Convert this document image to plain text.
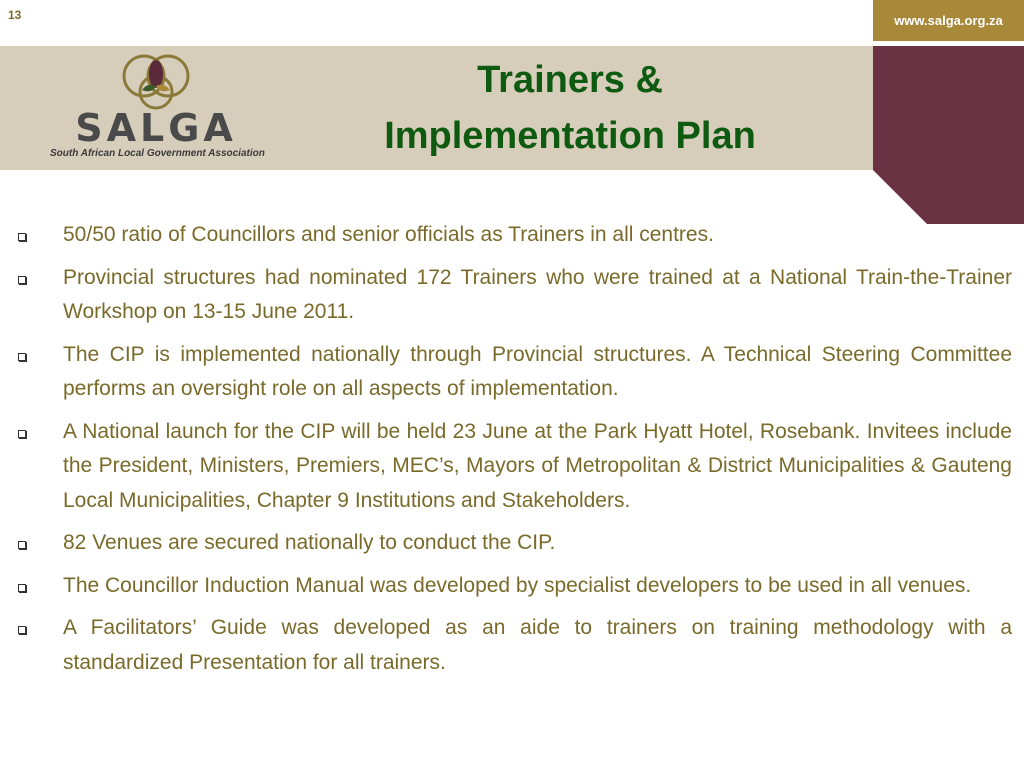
13	www.salga.org.za
SALGA
South African Local Government Association
Trainers &
Implementation Plan
50/50 ratio of Councillors and senior officials as Trainers in all centres.
Provincial structures had nominated 172 Trainers who were trained at a National Train-the-Trainer Workshop on 13-15 June 2011.
The CIP is implemented nationally through Provincial structures. A Technical Steering Committee performs an oversight role on all aspects of implementation.
A National launch for the CIP will be held 23 June at the Park Hyatt Hotel, Rosebank. Invitees include the President, Ministers, Premiers, MEC’s, Mayors of Metropolitan & District Municipalities & Gauteng Local Municipalities, Chapter 9 Institutions and Stakeholders.
82 Venues are secured nationally to conduct the CIP.
The Councillor Induction Manual was developed by specialist developers to be used in all venues.
A Facilitators’ Guide was developed as an aide to trainers on training methodology with a standardized Presentation for all trainers.
